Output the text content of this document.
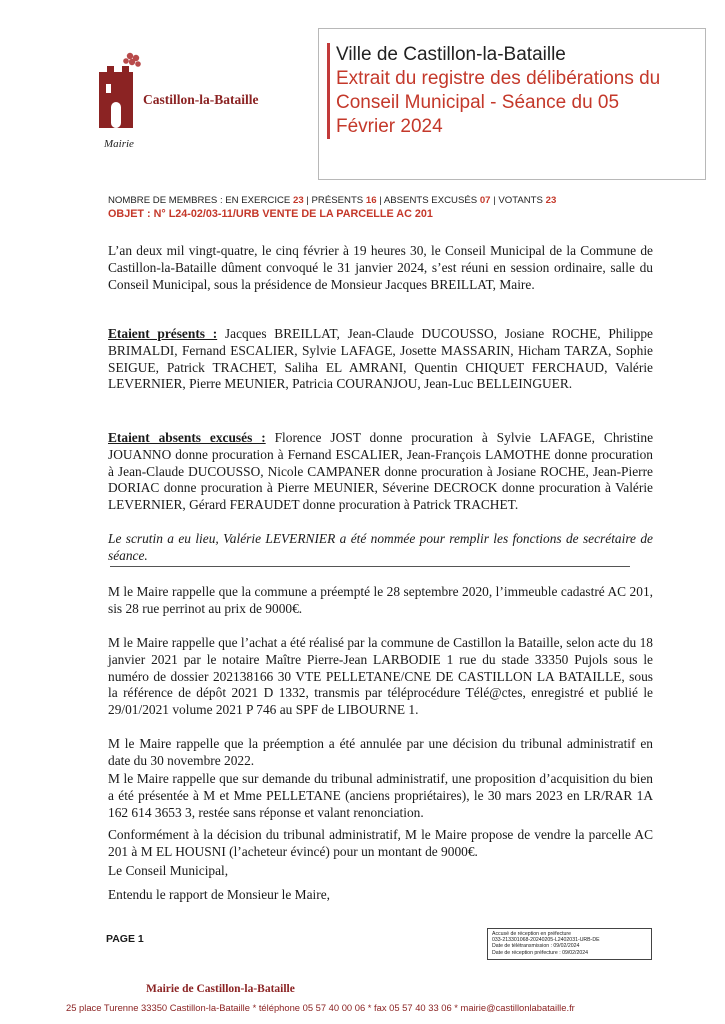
Castillon-la-Bataille
Mairie
Ville de Castillon-la-Bataille
Extrait du registre des délibérations du
Conseil Municipal - Séance du 05
Février 2024
NOMBRE DE MEMBRES : EN EXERCICE 23 | PRÉSENTS 16 | ABSENTS EXCUSÉS 07 | VOTANTS 23
OBJET : N° L24-02/03-11/URB VENTE DE LA PARCELLE AC 201
L’an deux mil vingt-quatre, le cinq février à 19 heures 30, le Conseil Municipal de la Commune de Castillon-la-Bataille dûment convoqué le 31 janvier 2024, s’est réuni en session ordinaire, salle du Conseil Municipal, sous la présidence de Monsieur Jacques BREILLAT, Maire.
Etaient présents : Jacques BREILLAT, Jean-Claude DUCOUSSO, Josiane ROCHE, Philippe BRIMALDI, Fernand ESCALIER, Sylvie LAFAGE, Josette MASSARIN, Hicham TARZA, Sophie SEIGUE, Patrick TRACHET, Saliha EL AMRANI, Quentin CHIQUET FERCHAUD, Valérie LEVERNIER, Pierre MEUNIER, Patricia COURANJOU, Jean-Luc BELLEINGUER.
Etaient absents excusés : Florence JOST donne procuration à Sylvie LAFAGE, Christine JOUANNO donne procuration à Fernand ESCALIER, Jean-François LAMOTHE donne procuration à Jean-Claude DUCOUSSO, Nicole CAMPANER donne procuration à Josiane ROCHE, Jean-Pierre DORIAC donne procuration à Pierre MEUNIER, Séverine DECROCK donne procuration à Valérie LEVERNIER, Gérard FERAUDET donne procuration à Patrick TRACHET.
Le scrutin a eu lieu, Valérie LEVERNIER a été nommée pour remplir les fonctions de secrétaire de séance.
M le Maire rappelle que la commune a préempté le 28 septembre 2020, l’immeuble cadastré AC 201, sis 28 rue perrinot au prix de 9000€.
M le Maire rappelle que l’achat a été réalisé par la commune de Castillon la Bataille, selon acte du 18 janvier 2021 par le notaire Maître Pierre-Jean LARBODIE 1 rue du stade 33350 Pujols sous le numéro de dossier 202138166 30 VTE PELLETANE/CNE DE CASTILLON LA BATAILLE, sous la référence de dépôt 2021 D 1332, transmis par téléprocédure Télé@ctes, enregistré et publié le 29/01/2021 volume 2021 P 746 au SPF de LIBOURNE 1.
M le Maire rappelle que la préemption a été annulée par une décision du tribunal administratif en date du 30 novembre 2022.
M le Maire rappelle que sur demande du tribunal administratif, une proposition d’acquisition du bien a été présentée à M et Mme PELLETANE (anciens propriétaires), le 30 mars 2023 en LR/RAR 1A 162 614 3653 3, restée sans réponse et valant renonciation.
Conformément à la décision du tribunal administratif, M le Maire propose de vendre la parcelle AC 201 à M EL HOUSNI (l’acheteur évincé) pour un montant de 9000€.
Le Conseil Municipal,
Entendu le rapport de Monsieur le Maire,
PAGE 1	Accusé de réception en préfecture
033-213301068-20240205-L2402031-URB-DE
Date de télétransmission : 09/02/2024
Date de réception préfecture : 09/02/2024
Mairie de Castillon-la-Bataille
25 place Turenne 33350 Castillon-la-Bataille * téléphone 05 57 40 00 06 * fax 05 57 40 33 06 * mairie@castillonlabataille.fr
